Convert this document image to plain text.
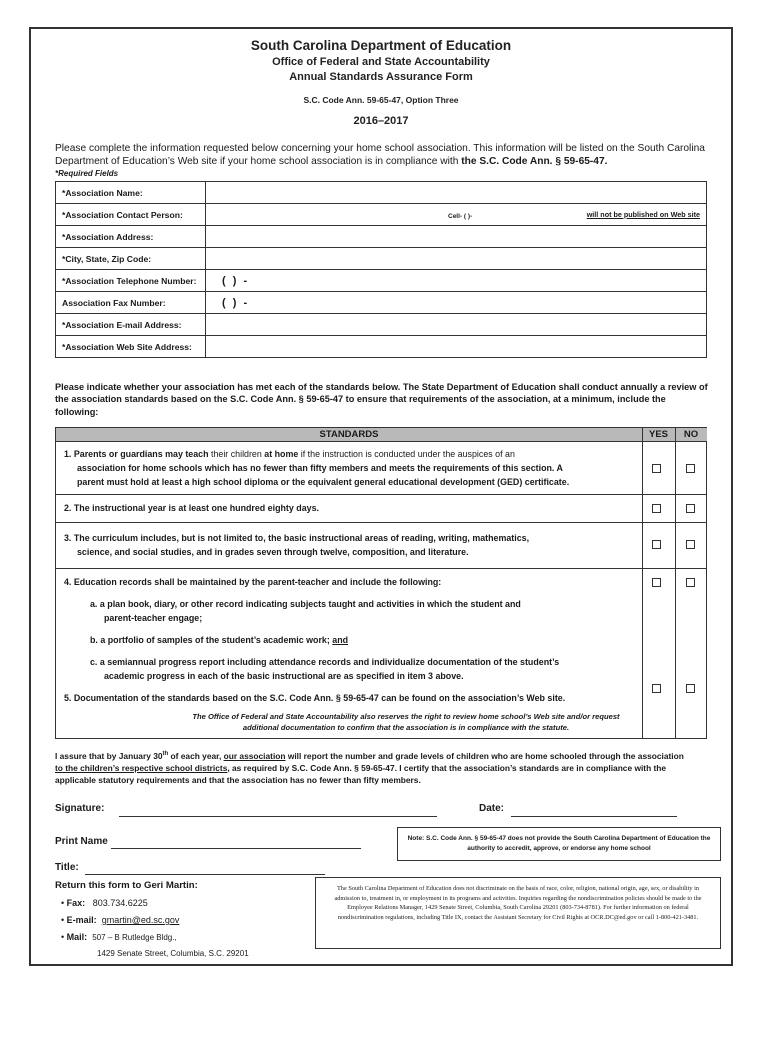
South Carolina Department of Education
Office of Federal and State Accountability
Annual Standards Assurance Form
S.C. Code Ann. 59-65-47, Option Three
2016–2017
Please complete the information requested below concerning your home school association. This information will be listed on the South Carolina Department of Education’s Web site if your home school association is in compliance with the S.C. Code Ann. § 59-65-47.
*Required Fields
*Association Name:	
*Association Contact Person:	Cell- ( )- will not be published on Web site

*Association Address:	
*City, State, Zip Code:	
*Association Telephone Number:	( ) -
Association Fax Number:	( ) -
*Association E-mail Address:	
*Association Web Site Address:	
Please indicate whether your association has met each of the standards below. The State Department of Education shall conduct annually a review of the association standards based on the S.C. Code Ann. § 59-65-47 to ensure that requirements of the association, at a minimum, include the following:
STANDARDS	YES	NO
1. Parents or guardians may teach their children at home if the instruction is conducted under the auspices of an
association for home schools which has no fewer than fifty members and meets the requirements of this section. A
parent must hold at least a high school diploma or the equivalent general educational development (GED) certificate.
2. The instructional year is at least one hundred eighty days.
3. The curriculum includes, but is not limited to, the basic instructional areas of reading, writing, mathematics,
science, and social studies, and in grades seven through twelve, composition, and literature.
4. Education records shall be maintained by the parent-teacher and include the following:
a. a plan book, diary, or other record indicating subjects taught and activities in which the student and
parent-teacher engage;
b. a portfolio of samples of the student’s academic work; and
c. a semiannual progress report including attendance records and individualize documentation of the student’s
academic progress in each of the basic instructional are as specified in item 3 above.
5. Documentation of the standards based on the S.C. Code Ann. § 59-65-47 can be found on the association’s Web site.
The Office of Federal and State Accountability also reserves the right to review home school’s Web site and/or request
additional documentation to confirm that the association is in compliance with the statute.
I assure that by January 30th of each year, our association will report the number and grade levels of children who are home schooled through the association
to the children’s respective school districts, as required by S.C. Code Ann. § 59-65-47. I certify that the association’s standards are in compliance with the
applicable statutory requirements and that the association has no fewer than fifty members.
Signature:	Date:
Print Name	Note: S.C. Code Ann. § 59-65-47 does not provide the South Carolina Department of Education the authority to accredit, approve, or endorse any home school
Title:
The South Carolina Department of Education does not discriminate on the basis of race, color, religion, national origin, age, sex, or disability in admission to, treatment in, or employment in its programs and activities. Inquiries regarding the nondiscrimination policies should be made to the Employee Relations Manager, 1429 Senate Street, Columbia, South Carolina 29201 (803-734-8781). For further information on federal nondiscrimination regulations, including Title IX, contact the Assistant Secretary for Civil Rights at OCR.DC@ed.gov or call 1-800-421-3481.
Return this form to Geri Martin:
• Fax: 803.734.6225
• E-mail: gmartin@ed.sc.gov
• Mail: 507 – B Rutledge Bldg.,
1429 Senate Street, Columbia, S.C. 29201
